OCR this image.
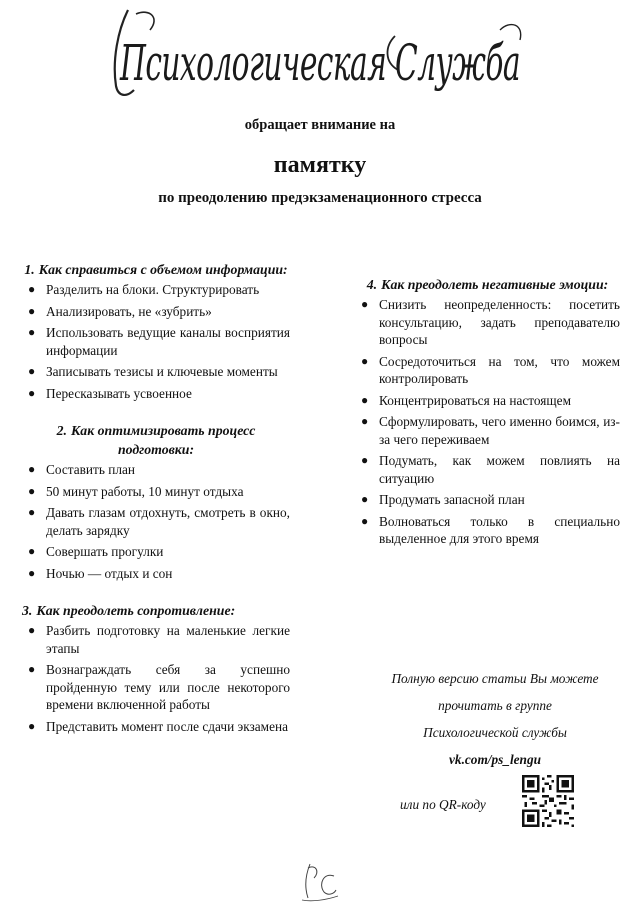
Психологическая Служба
обращает внимание на
памятку
по преодолению предэкзаменационного стресса
1. Как справиться с объемом информации:
● Разделить на блоки. Структурировать
● Анализировать, не «зубрить»
● Использовать ведущие каналы восприятия информации
● Записывать тезисы и ключевые моменты
● Пересказывать усвоенное
2. Как оптимизировать процесс подготовки:
● Составить план
● 50 минут работы, 10 минут отдыха
● Давать глазам отдохнуть, смотреть в окно, делать зарядку
● Совершать прогулки
● Ночью — отдых и сон
3. Как преодолеть сопротивление:
● Разбить подготовку на маленькие легкие этапы
● Вознаграждать себя за успешно пройденную тему или после некоторого времени включенной работы
● Представить момент после сдачи экзамена
4. Как преодолеть негативные эмоции:
● Снизить неопределенность: посетить консультацию, задать преподавателю вопросы
● Сосредоточиться на том, что можем контролировать
● Концентрироваться на настоящем
● Сформулировать, чего именно боимся, из-за чего переживаем
● Подумать, как можем повлиять на ситуацию
● Продумать запасной план
● Волноваться только в специально выделенное для этого время
Полную версию статьи Вы можете
прочитать в группе
Психологической службы
vk.com/ps_lengu
или по QR-коду
